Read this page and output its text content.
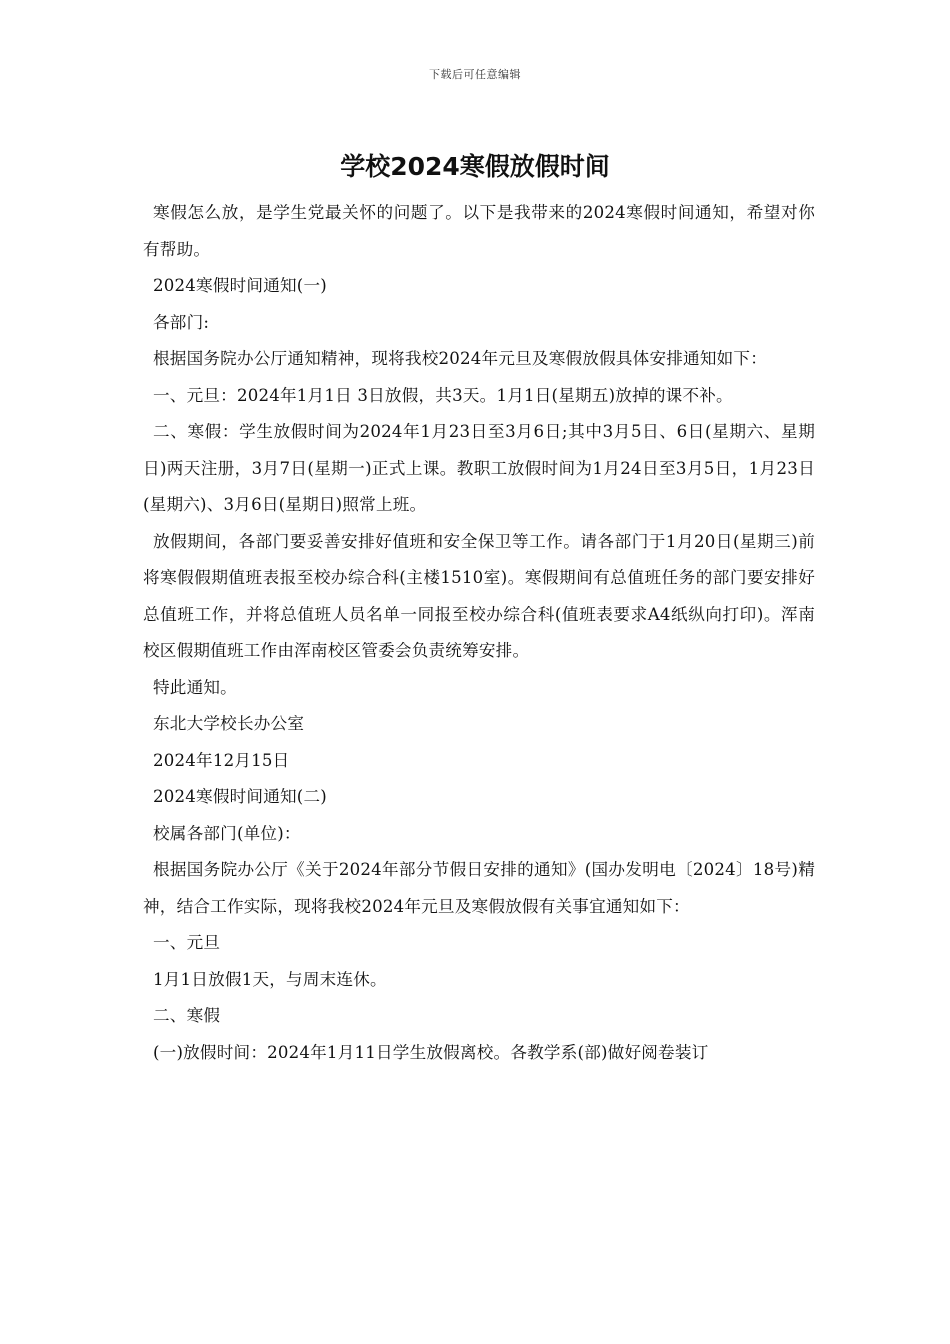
下载后可任意编辑
学校2024寒假放假时间

寒假怎么放，是学生党最关怀的问题了。以下是我带来的2024寒假时间通知，希望对你有帮助。

2024寒假时间通知(一)

各部门:

根据国务院办公厅通知精神，现将我校2024年元旦及寒假放假具体安排通知如下：

一、元旦：2024年1月1日 3日放假，共3天。1月1日(星期五)放掉的课不补。

二、寒假：学生放假时间为2024年1月23日至3月6日;其中3月5日、6日(星期六、星期日)两天注册，3月7日(星期一)正式上课。教职工放假时间为1月24日至3月5日，1月23日(星期六)、3月6日(星期日)照常上班。

放假期间，各部门要妥善安排好值班和安全保卫等工作。请各部门于1月20日(星期三)前将寒假假期值班表报至校办综合科(主楼1510室)。寒假期间有总值班任务的部门要安排好总值班工作，并将总值班人员名单一同报至校办综合科(值班表要求A4纸纵向打印)。浑南校区假期值班工作由浑南校区管委会负责统筹安排。

特此通知。

东北大学校长办公室

2024年12月15日

2024寒假时间通知(二)

校属各部门(单位)：

根据国务院办公厅《关于2024年部分节假日安排的通知》(国办发明电〔2024〕18号)精神，结合工作实际，现将我校2024年元旦及寒假放假有关事宜通知如下：

一、元旦

1月1日放假1天，与周末连休。

二、寒假

(一)放假时间：2024年1月11日学生放假离校。各教学系(部)做好阅卷装订
